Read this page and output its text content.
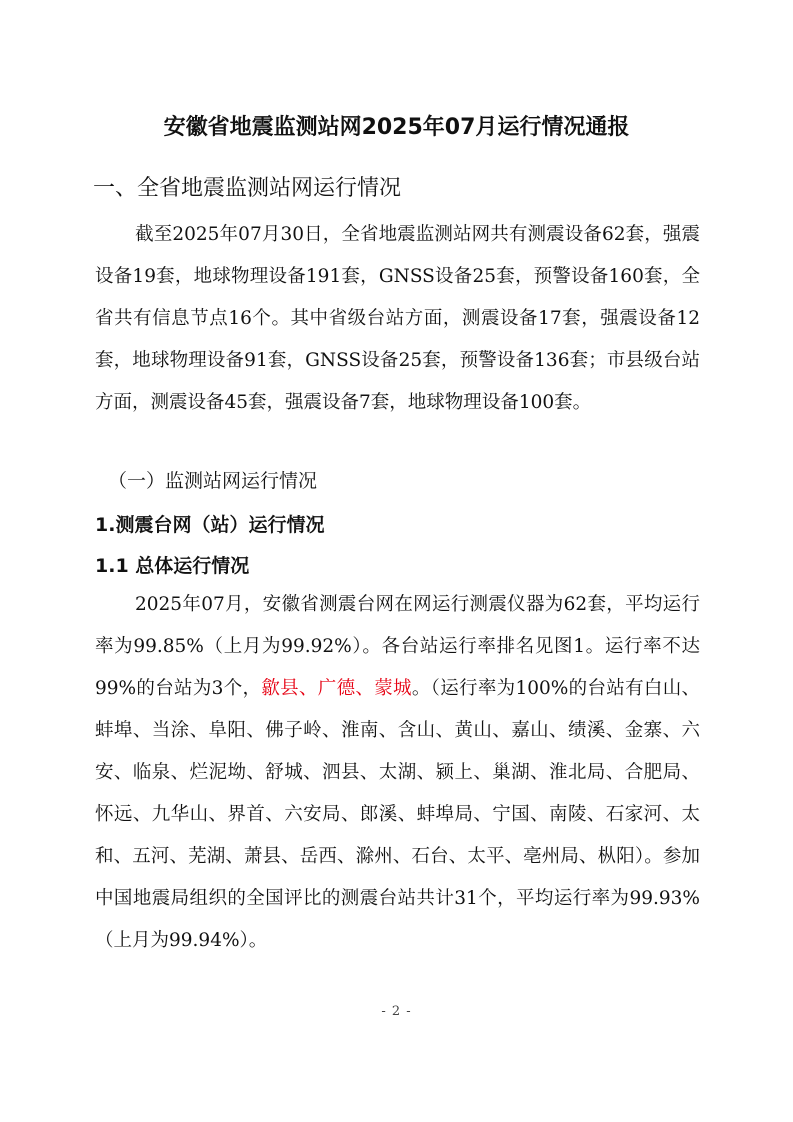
安徽省地震监测站网2025年07月运行情况通报
一、全省地震监测站网运行情况

截至2025年07月30日，全省地震监测站网共有测震设备62套，强震设备19套，地球物理设备191套，GNSS设备25套，预警设备160套，全省共有信息节点16个。其中省级台站方面，测震设备17套，强震设备12套，地球物理设备91套，GNSS设备25套，预警设备136套；市县级台站方面，测震设备45套，强震设备7套，地球物理设备100套。

（一）监测站网运行情况
1.测震台网（站）运行情况
1.1 总体运行情况

2025年07月，安徽省测震台网在网运行测震仪器为62套，平均运行率为99.85%（上月为99.92%）。各台站运行率排名见图1。运行率不达99%的台站为3个，歙县、广德、蒙城。（运行率为100%的台站有白山、蚌埠、当涂、阜阳、佛子岭、淮南、含山、黄山、嘉山、绩溪、金寨、六安、临泉、烂泥坳、舒城、泗县、太湖、颍上、巢湖、淮北局、合肥局、怀远、九华山、界首、六安局、郎溪、蚌埠局、宁国、南陵、石家河、太和、五河、芜湖、萧县、岳西、滁州、石台、太平、亳州局、枞阳）。参加中国地震局组织的全国评比的测震台站共计31个，平均运行率为99.93%（上月为99.94%）。

- 2 -
